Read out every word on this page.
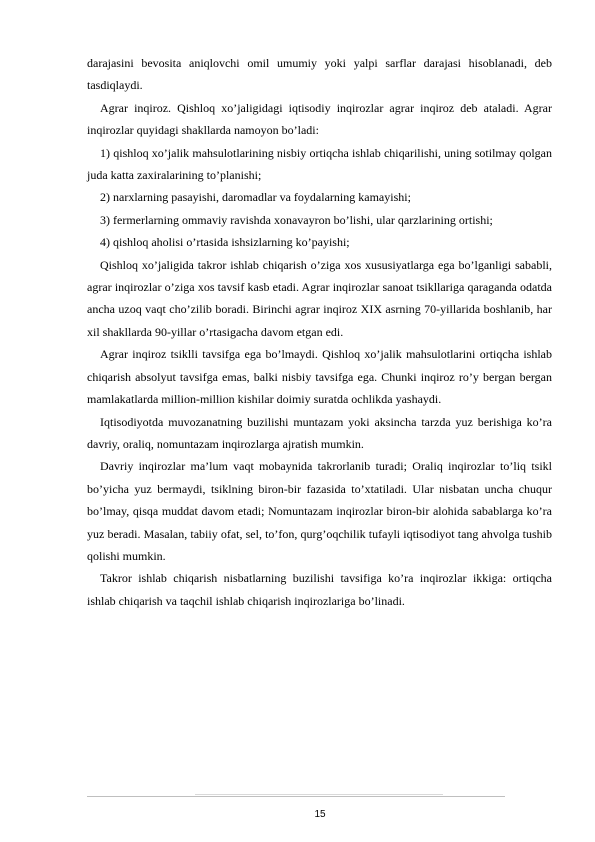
darajasini bevosita aniqlovchi omil umumiy yoki yalpi sarflar darajasi hisoblanadi, deb tasdiqlaydi.

Agrar inqiroz. Qishloq xo’jaligidagi iqtisodiy inqirozlar agrar inqiroz deb ataladi. Agrar inqirozlar quyidagi shakllarda namoyon bo’ladi:

1) qishloq xo’jalik mahsulotlarining nisbiy ortiqcha ishlab chiqarilishi, uning sotilmay qolgan juda katta zaxiralarining to’planishi;

2) narxlarning pasayishi, daromadlar va foydalarning kamayishi;

3) fermerlarning ommaviy ravishda xonavayron bo’lishi, ular qarzlarining ortishi;

4) qishloq aholisi o’rtasida ishsizlarning ko’payishi;

Qishloq xo’jaligida takror ishlab chiqarish o’ziga xos xususiyatlarga ega bo’lganligi sababli, agrar inqirozlar o’ziga xos tavsif kasb etadi. Agrar inqirozlar sanoat tsikllariga qaraganda odatda ancha uzoq vaqt cho’zilib boradi. Birinchi agrar inqiroz XIX asrning 70-yillarida boshlanib, har xil shakllarda 90-yillar o’rtasigacha davom etgan edi.

Agrar inqiroz tsiklli tavsifga ega bo’lmaydi. Qishloq xo’jalik mahsulotlarini ortiqcha ishlab chiqarish absolyut tavsifga emas, balki nisbiy tavsifga ega. Chunki inqiroz ro’y bergan bergan mamlakatlarda million-million kishilar doimiy suratda ochlikda yashaydi.

Iqtisodiyotda muvozanatning buzilishi muntazam yoki aksincha tarzda yuz berishiga ko’ra davriy, oraliq, nomuntazam inqirozlarga ajratish mumkin.

Davriy inqirozlar ma’lum vaqt mobaynida takrorlanib turadi; Oraliq inqirozlar to’liq tsikl bo’yicha yuz bermaydi, tsiklning biron-bir fazasida to’xtatiladi. Ular nisbatan uncha chuqur bo’lmay, qisqa muddat davom etadi; Nomuntazam inqirozlar biron-bir alohida sabablarga ko’ra yuz beradi. Masalan, tabiiy ofat, sel, to’fon, qurg’oqchilik tufayli iqtisodiyot tang ahvolga tushib qolishi mumkin.

Takror ishlab chiqarish nisbatlarning buzilishi tavsifiga ko’ra inqirozlar ikkiga: ortiqcha ishlab chiqarish va taqchil ishlab chiqarish inqirozlariga bo’linadi.

15
